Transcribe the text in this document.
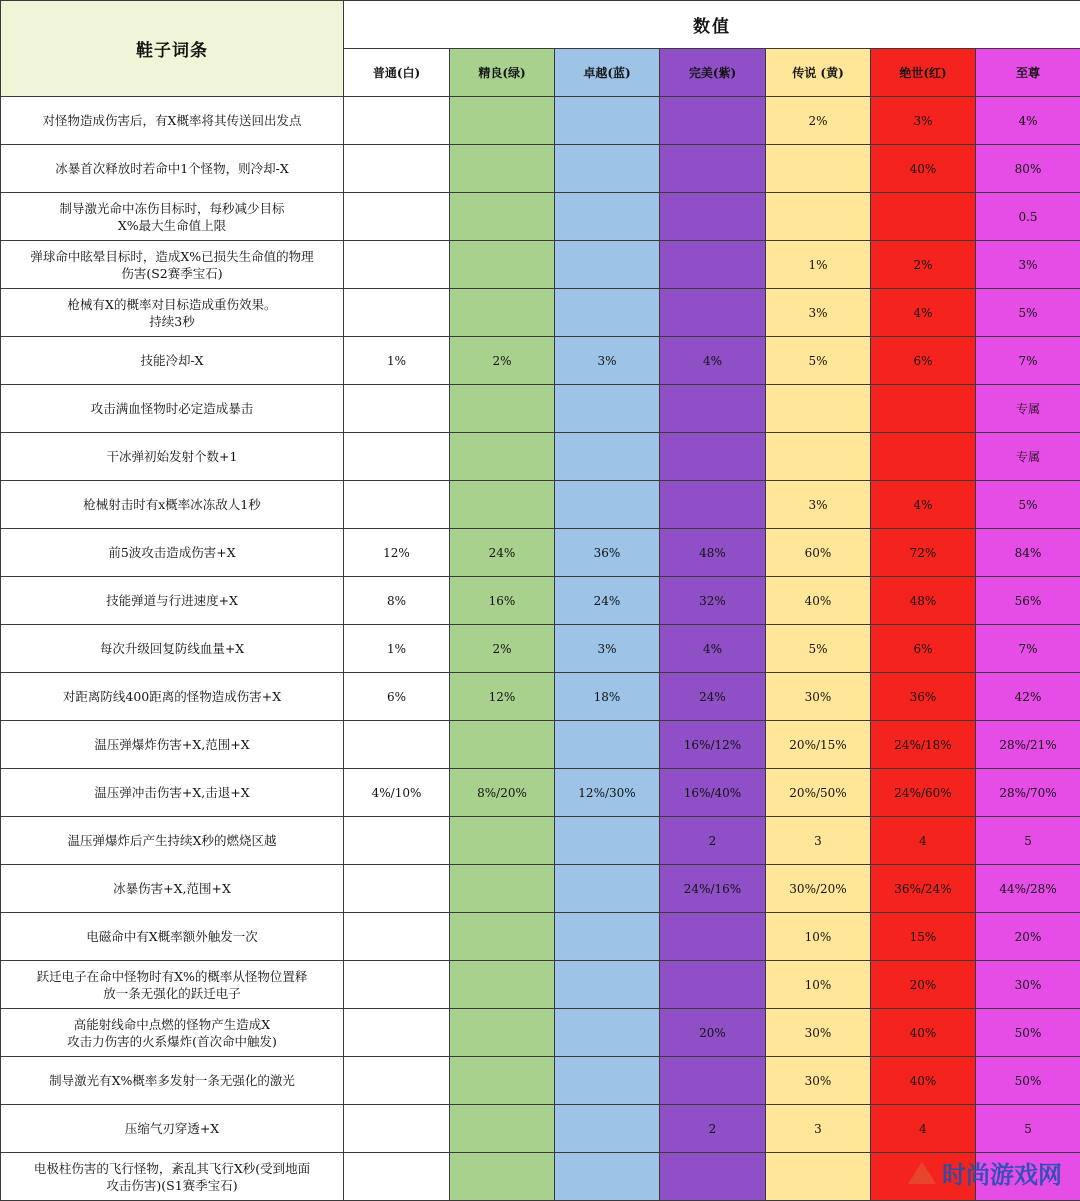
鞋子词条	数值						
	普通(白)	精良(绿)	卓越(蓝)	完美(紫)	传说 (黄)	绝世(红)	至尊
对怪物造成伤害后，有X概率将其传送回出发点					2%	3%	4%
冰暴首次释放时若命中1个怪物，则冷却-X						40%	80%
制导激光命中冻伤目标时，每秒减少目标
X%最大生命值上限							0.5
弹球命中眩晕目标时，造成X%已损失生命值的物理
伤害(S2赛季宝石)					1%	2%	3%
枪械有X的概率对目标造成重伤效果。
持续3秒					3%	4%	5%
技能冷却-X	1%	2%	3%	4%	5%	6%	7%
攻击满血怪物时必定造成暴击							专属
干冰弹初始发射个数+1							专属
枪械射击时有x概率冰冻敌人1秒					3%	4%	5%
前5波攻击造成伤害+X	12%	24%	36%	48%	60%	72%	84%
技能弹道与行进速度+X	8%	16%	24%	32%	40%	48%	56%
每次升级回复防线血量+X	1%	2%	3%	4%	5%	6%	7%
对距离防线400距离的怪物造成伤害+X	6%	12%	18%	24%	30%	36%	42%
温压弹爆炸伤害+X,范围+X				16%/12%	20%/15%	24%/18%	28%/21%
温压弹冲击伤害+X,击退+X	4%/10%	8%/20%	12%/30%	16%/40%	20%/50%	24%/60%	28%/70%
温压弹爆炸后产生持续X秒的燃烧区越				2	3	4	5
冰暴伤害+X,范围+X				24%/16%	30%/20%	36%/24%	44%/28%
电磁命中有X概率额外触发一次					10%	15%	20%
跃迁电子在命中怪物时有X%的概率从怪物位置释
放一条无强化的跃迁电子					10%	20%	30%
高能射线命中点燃的怪物产生造成X
攻击力伤害的火系爆炸(首次命中触发)				20%	30%	40%	50%
制导激光有X%概率多发射一条无强化的激光					30%	40%	50%
压缩气刃穿透+X				2	3	4	5
电极柱伤害的飞行怪物，紊乱其飞行X秒(受到地面
攻击伤害)(S1赛季宝石)								时尚游戏网
